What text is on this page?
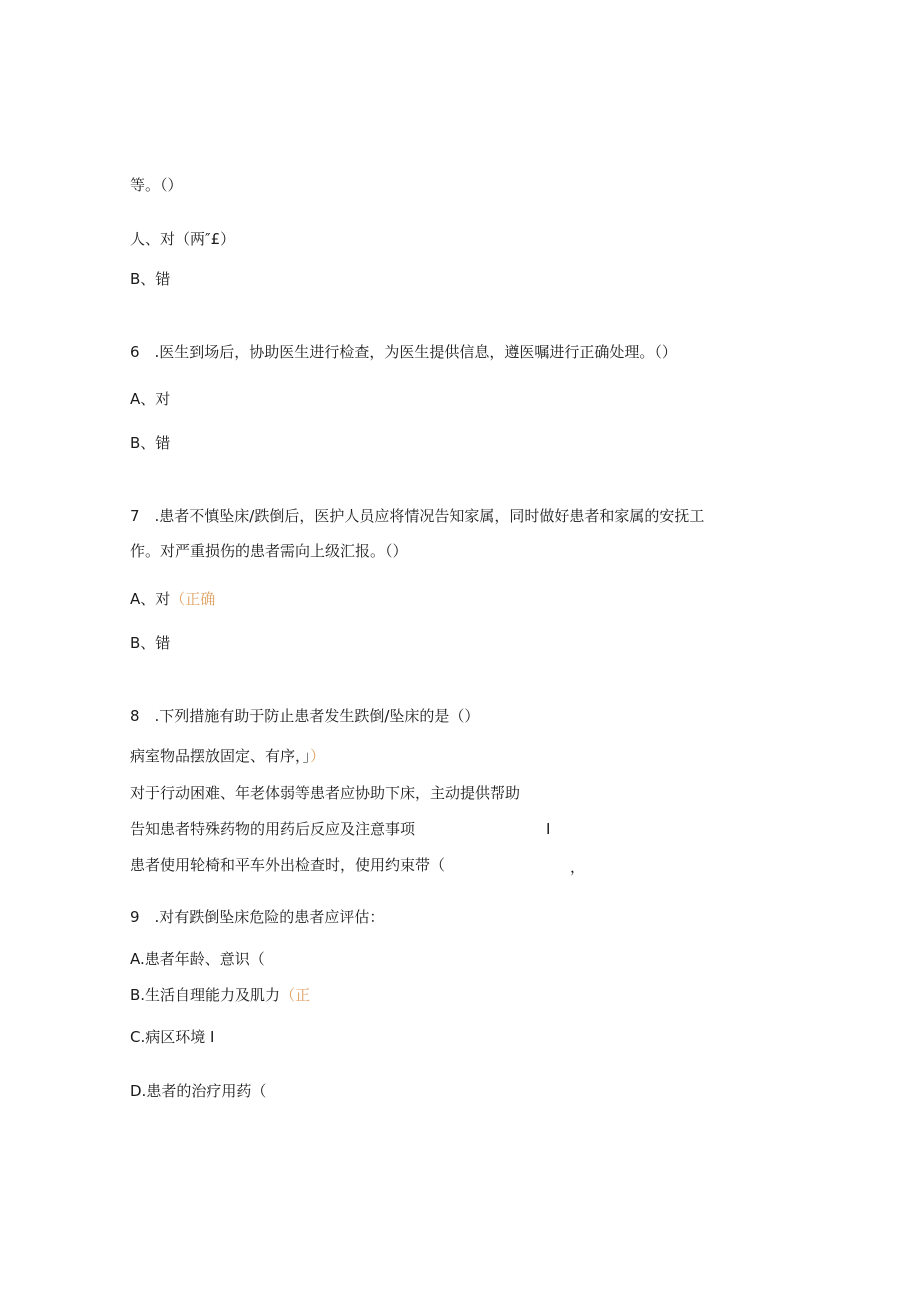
等。（）
人、对（两″£）
B、错
6　.医生到场后，协助医生进行检查，为医生提供信息，遵医嘱进行正确处理。（）
A、对
B、错
7　.患者不慎坠床/跌倒后，医护人员应将情况告知家属，同时做好患者和家属的安抚工
作。对严重损伤的患者需向上级汇报。（）
A、对（正确
B、错
8　.下列措施有助于防止患者发生跌倒/坠床的是（）
病室物品摆放固定、有序，」）
对于行动困难、年老体弱等患者应协助下床，主动提供帮助
告知患者特殊药物的用药后反应及注意事项	I
患者使用轮椅和平车外出检查时，使用约束带（	，
9　.对有跌倒坠床危险的患者应评估：
A.患者年龄、意识（
B.生活自理能力及肌力（正
C.病区环境 I
D.患者的治疗用药（
